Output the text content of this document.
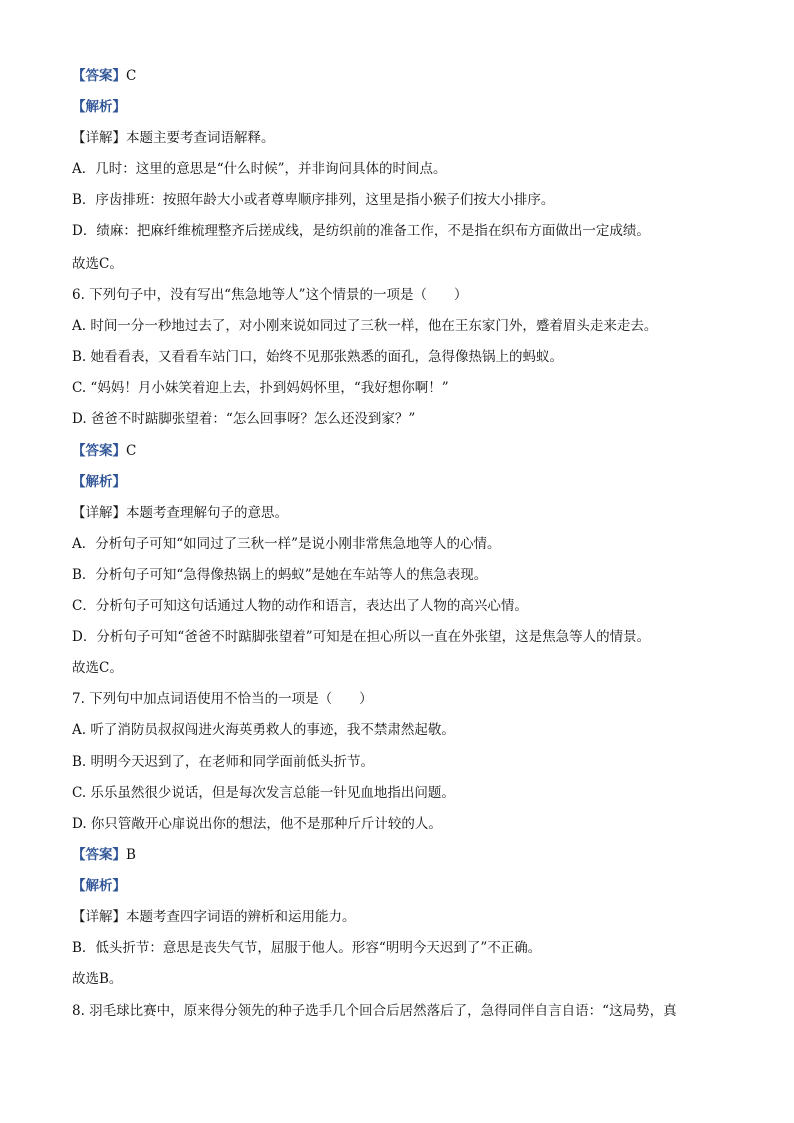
【答案】C
【解析】
【详解】本题主要考查词语解释。
A．几时：这里的意思是“什么时候”，并非询问具体的时间点。
B．序齿排班：按照年龄大小或者尊卑顺序排列，这里是指小猴子们按大小排序。
D．绩麻：把麻纤维梳理整齐后搓成线，是纺织前的准备工作，不是指在织布方面做出一定成绩。
故选C。
6. 下列句子中，没有写出“焦急地等人”这个情景的一项是（　　）
A. 时间一分一秒地过去了，对小刚来说如同过了三秋一样，他在王东家门外，蹙着眉头走来走去。
B. 她看看表，又看看车站门口，始终不见那张熟悉的面孔，急得像热锅上的蚂蚁。
C. “妈妈！月小妹笑着迎上去，扑到妈妈怀里，“我好想你啊！”
D. 爸爸不时踮脚张望着：“怎么回事呀？怎么还没到家？”
【答案】C
【解析】
【详解】本题考查理解句子的意思。
A．分析句子可知“如同过了三秋一样”是说小刚非常焦急地等人的心情。
B．分析句子可知“急得像热锅上的蚂蚁”是她在车站等人的焦急表现。
C．分析句子可知这句话通过人物的动作和语言，表达出了人物的高兴心情。
D．分析句子可知“爸爸不时踮脚张望着”可知是在担心所以一直在外张望，这是焦急等人的情景。
故选C。
7. 下列句中加点词语使用不恰当的一项是（　　）
A. 听了消防员叔叔闯进火海英勇救人的事迹，我不禁肃然起敬。
B. 明明今天迟到了，在老师和同学面前低头折节。
C. 乐乐虽然很少说话，但是每次发言总能一针见血地指出问题。
D. 你只管敞开心扉说出你的想法，他不是那种斤斤计较的人。
【答案】B
【解析】
【详解】本题考查四字词语的辨析和运用能力。
B．低头折节：意思是丧失气节，屈服于他人。形容“明明今天迟到了”不正确。
故选B。
8. 羽毛球比赛中，原来得分领先的种子选手几个回合后居然落后了，急得同伴自言自语：“这局势，真
